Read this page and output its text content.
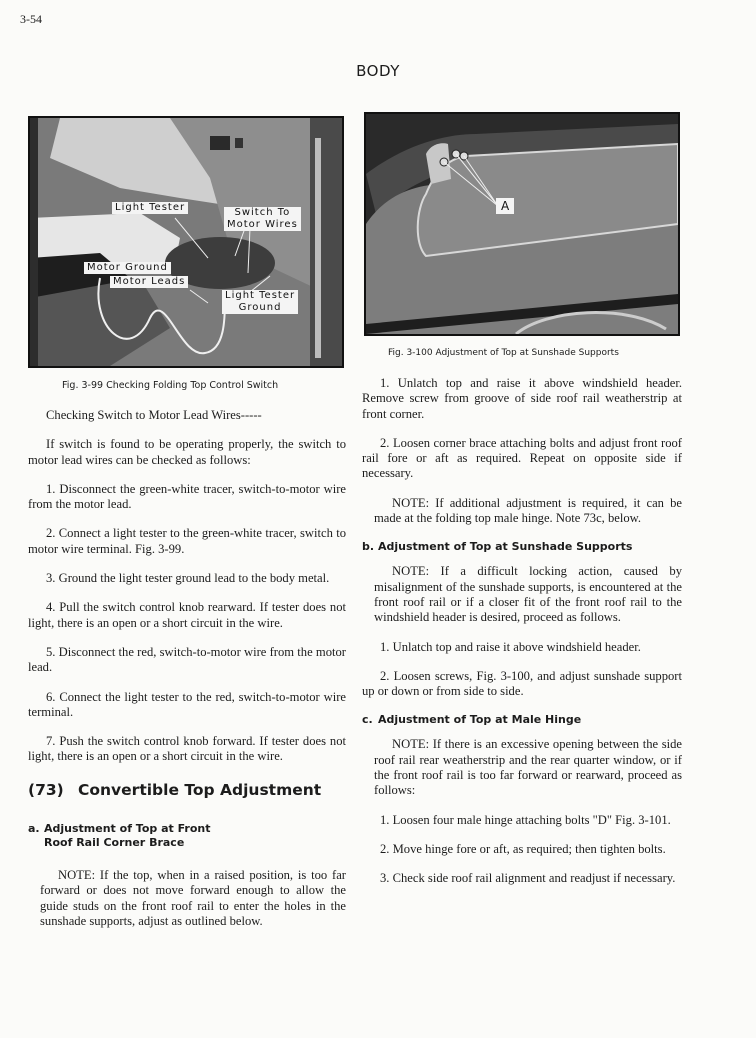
3-54
BODY
Light Tester	Switch To
Motor Wires
Motor Ground
Motor Leads
Light Tester
Ground
Fig. 3-99 Checking Folding Top Control Switch
A
Fig. 3-100 Adjustment of Top at Sunshade Supports

Checking Switch to Motor Lead Wires-----

If switch is found to be operating properly, the switch to motor lead wires can be checked as follows:

1. Disconnect the green-white tracer, switch-to-motor wire from the motor lead.

2. Connect a light tester to the green-white tracer, switch to motor wire terminal. Fig. 3-99.

3. Ground the light tester ground lead to the body metal.

4. Pull the switch control knob rearward. If tester does not light, there is an open or a short circuit in the wire.

5. Disconnect the red, switch-to-motor wire from the motor lead.

6. Connect the light tester to the red, switch-to-motor wire terminal.

7. Push the switch control knob forward. If tester does not light, there is an open or a short circuit in the wire.

(73) Convertible Top Adjustment
a. Adjustment of Top at Front
Roof Rail Corner Brace

NOTE: If the top, when in a raised position, is too far forward or does not move forward enough to allow the guide studs on the front roof rail to enter the holes in the sunshade supports, adjust as outlined below.

1. Unlatch top and raise it above windshield header. Remove screw from groove of side roof rail weatherstrip at front corner.

2. Loosen corner brace attaching bolts and adjust front roof rail fore or aft as required. Repeat on opposite side if necessary.

NOTE: If additional adjustment is required, it can be made at the folding top male hinge. Note 73c, below.

b. Adjustment of Top at Sunshade Supports

NOTE: If a difficult locking action, caused by misalignment of the sunshade supports, is encountered at the front roof rail or if a closer fit of the front roof rail to the windshield header is desired, proceed as follows.

1. Unlatch top and raise it above windshield header.

2. Loosen screws, Fig. 3-100, and adjust sunshade support up or down or from side to side.

c. Adjustment of Top at Male Hinge

NOTE: If there is an excessive opening between the side roof rail rear weatherstrip and the rear quarter window, or if the front roof rail is too far forward or rearward, proceed as follows:

1. Loosen four male hinge attaching bolts "D" Fig. 3-101.

2. Move hinge fore or aft, as required; then tighten bolts.

3. Check side roof rail alignment and readjust if necessary.
